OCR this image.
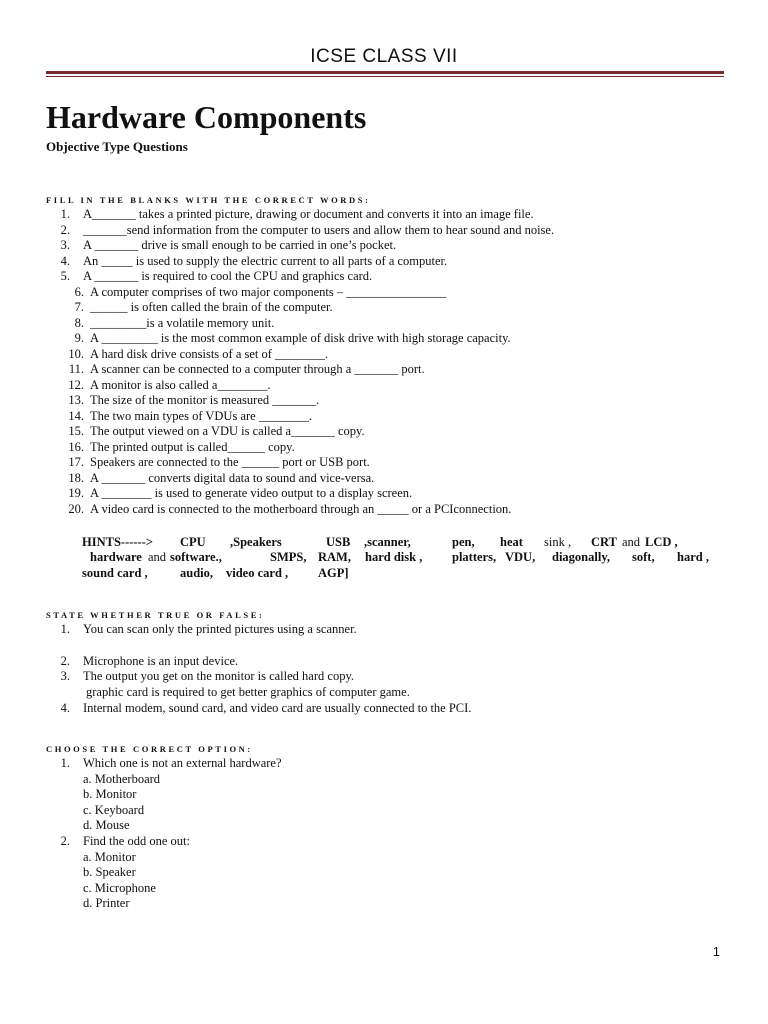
ICSE CLASS VII
Hardware Components
Objective Type Questions
FILL IN THE BLANKS WITH THE CORRECT WORDS:
1. A_______ takes a printed picture, drawing or document and converts it into an image file.
2. _______send information from the computer to users and allow them to hear sound and noise.
3. A _______ drive is small enough to be carried in one’s pocket.
4. An _____ is used to supply the electric current to all parts of a computer.
5. A _______ is required to cool the CPU and graphics card.
6. A computer comprises of two major components – ________________
7. ______ is often called the brain of the computer.
8. _________is a volatile memory unit.
9. A _________ is the most common example of disk drive with high storage capacity.
10. A hard disk drive consists of a set of ________.
11. A scanner can be connected to a computer through a _______ port.
12. A monitor is also called a________.
13. The size of the monitor is measured _______.
14. The two main types of VDUs are ________.
15. The output viewed on a VDU is called a_______ copy.
16. The printed output is called______ copy.
17. Speakers are connected to the ______ port or USB port.
18. A _______ converts digital data to sound and vice-versa.
19. A ________ is used to generate video output to a display screen.
20. A video card is connected to the motherboard through an _____ or a PCIconnection.
HINTS------> CPU ,Speakers	USB ,scanner,	pen, heat sink , CRT and LCD ,
hardware and software.,	SMPS, RAM, hard disk , platters, VDU, diagonally, soft, hard ,
sound card ,	audio, video card , AGP]
STATE WHETHER TRUE OR FALSE:
1. You can scan only the printed pictures using a scanner.
2. Microphone is an input device.
3. The output you get on the monitor is called hard copy.
graphic card is required to get better graphics of computer game.
4. Internal modem, sound card, and video card are usually connected to the PCI.
CHOOSE THE CORRECT OPTION:
1. Which one is not an external hardware?
a. Motherboard
b. Monitor
c. Keyboard
d. Mouse
2. Find the odd one out:
a. Monitor
b. Speaker
c. Microphone
d. Printer
1
